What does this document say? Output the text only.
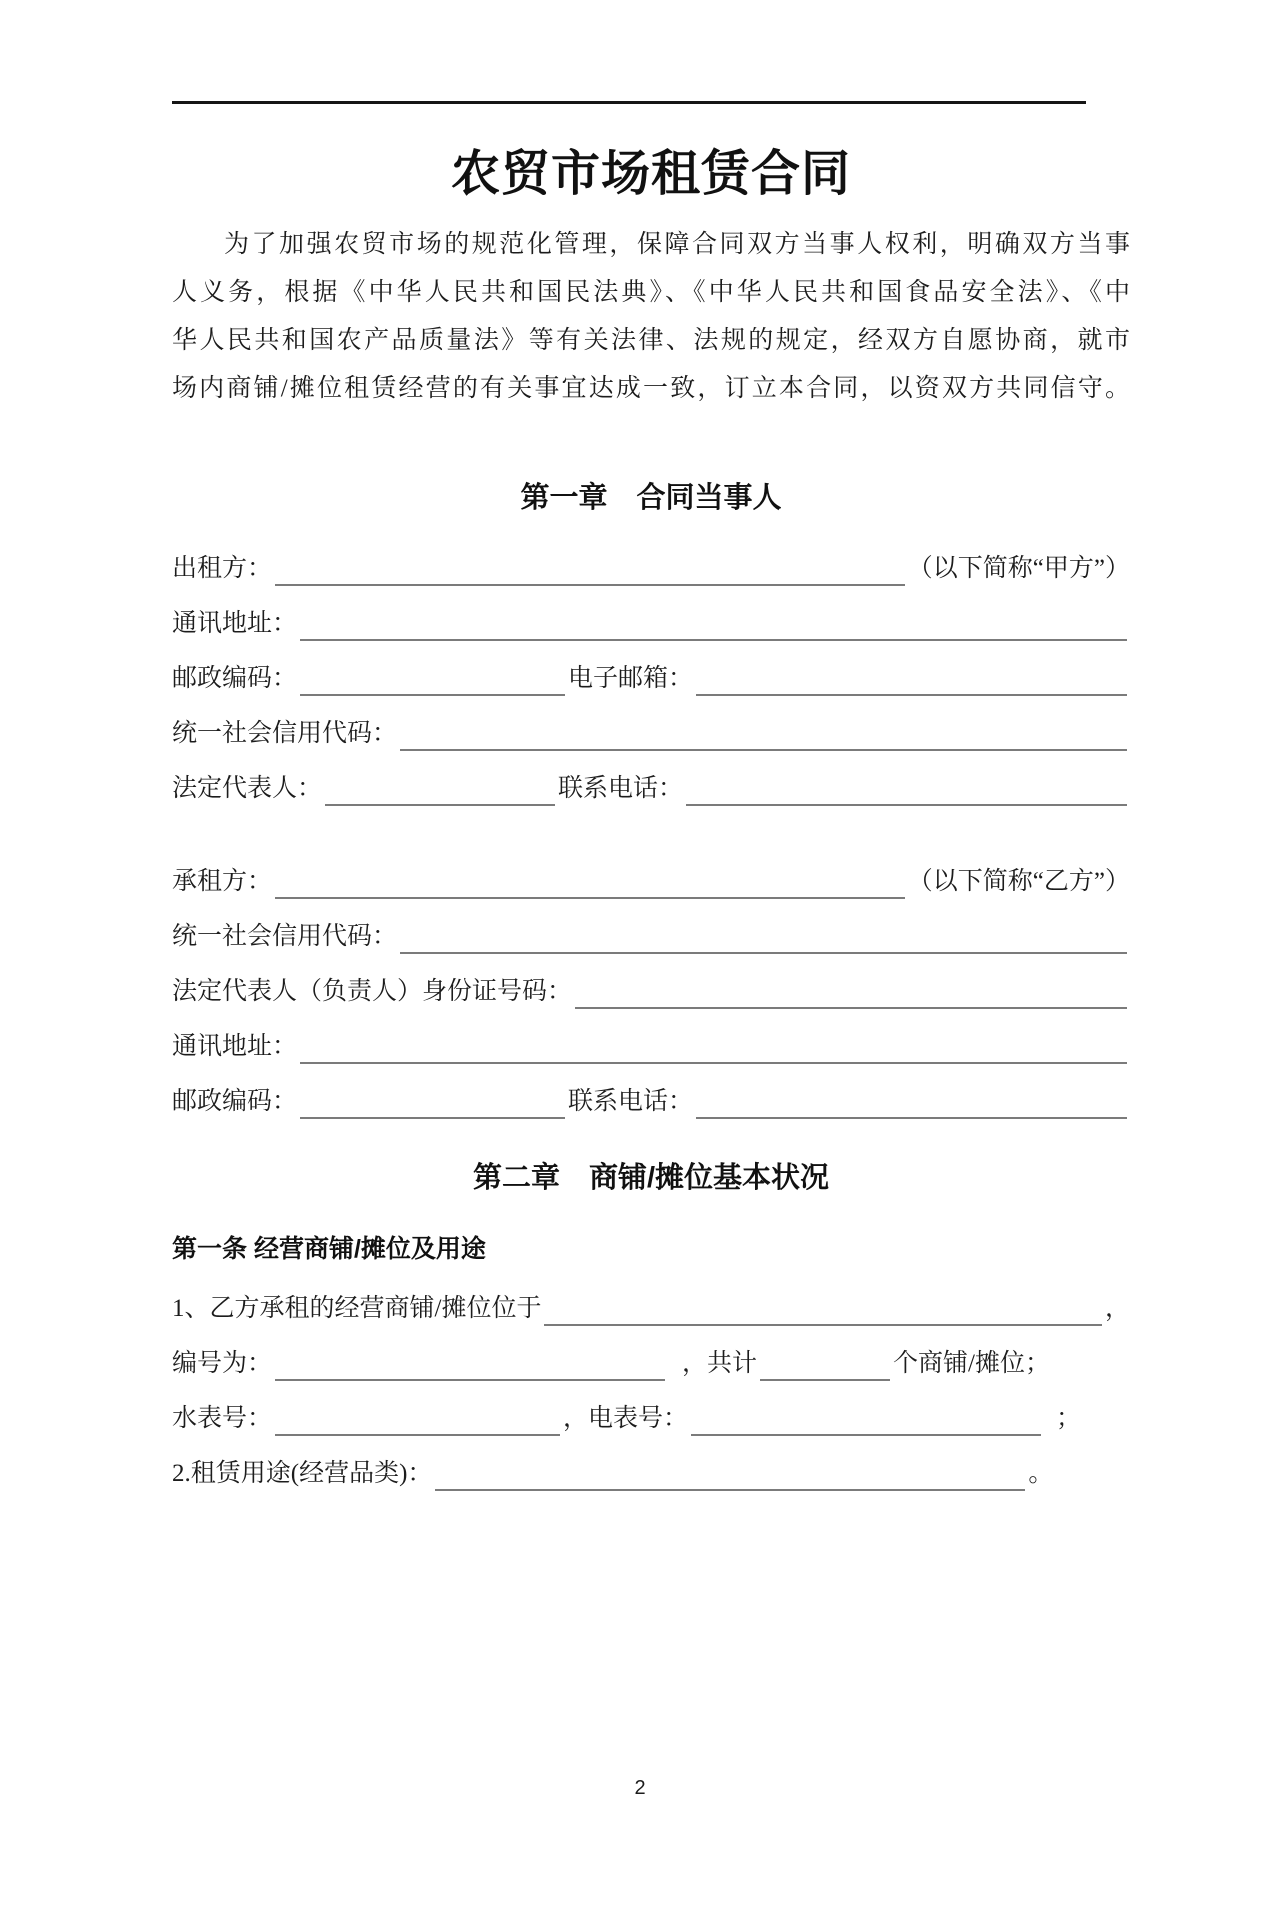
农贸市场租赁合同
为了加强农贸市场的规范化管理，保障合同双方当事人权利，明确双方当事
人义务，根据《中华人民共和国民法典》、《中华人民共和国食品安全法》、《中
华人民共和国农产品质量法》等有关法律、法规的规定，经双方自愿协商，就市
场内商铺/摊位租赁经营的有关事宜达成一致，订立本合同，以资双方共同信守。
第一章　合同当事人
出租方：	（以下简称“甲方”）
通讯地址：
邮政编码：	电子邮箱：
统一社会信用代码：
法定代表人：	联系电话：
承租方：	（以下简称“乙方”）
统一社会信用代码：
法定代表人（负责人）身份证号码：
通讯地址：
邮政编码：	联系电话：
第二章　商铺/摊位基本状况
第一条 经营商铺/摊位及用途
1、乙方承租的经营商铺/摊位位于	，
编号为：	，共计	个商铺/摊位；
水表号：	，电表号：	；
2.租赁用途(经营品类)：	。
2
